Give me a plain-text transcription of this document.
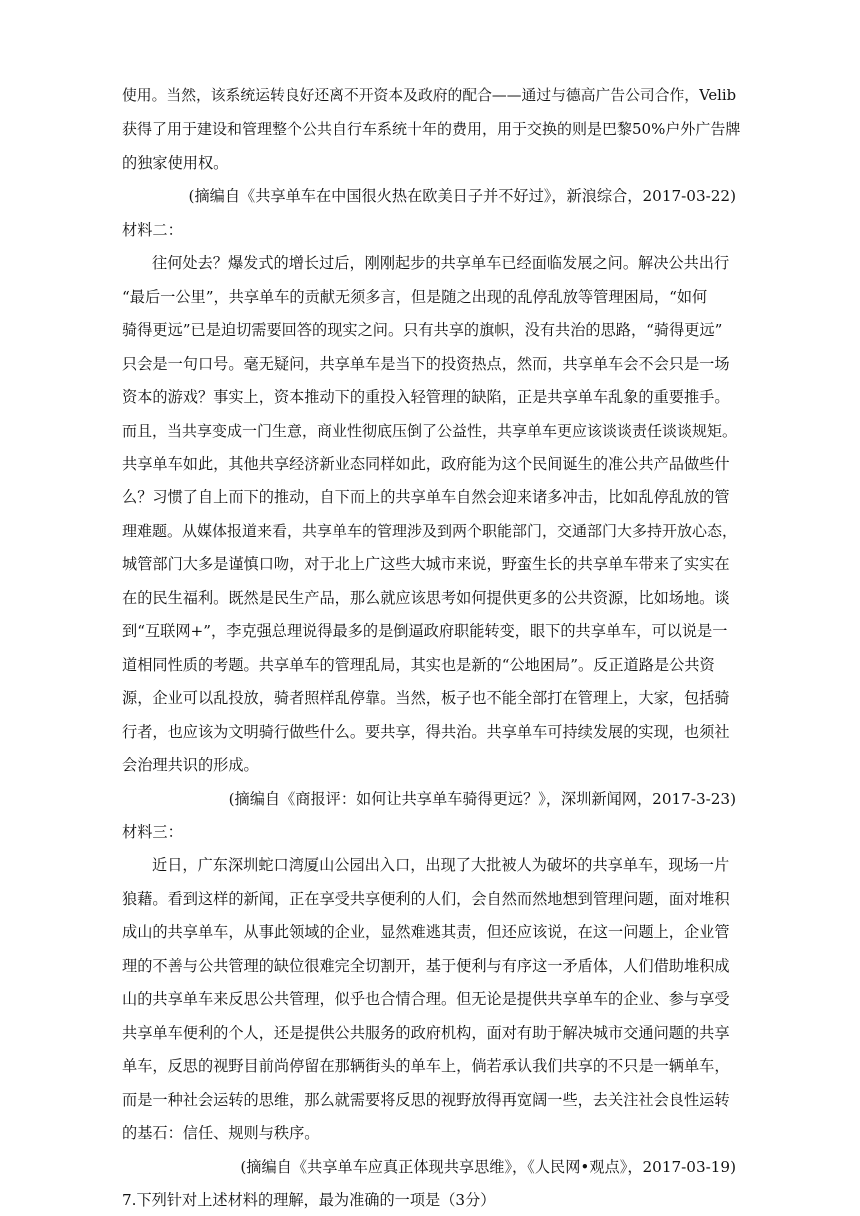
使用。当然，该系统运转良好还离不开资本及政府的配合——通过与德高广告公司合作，Velib
获得了用于建设和管理整个公共自行车系统十年的费用，用于交换的则是巴黎50%户外广告牌
的独家使用权。
(摘编自《共享单车在中国很火热在欧美日子并不好过》，新浪综合，2017-03-22)
材料二：
往何处去？爆发式的增长过后，刚刚起步的共享单车已经面临发展之问。解决公共出行
“最后一公里”，共享单车的贡献无须多言，但是随之出现的乱停乱放等管理困局，“如何
骑得更远”已是迫切需要回答的现实之问。只有共享的旗帜，没有共治的思路，“骑得更远”
只会是一句口号。毫无疑问，共享单车是当下的投资热点，然而，共享单车会不会只是一场
资本的游戏？事实上，资本推动下的重投入轻管理的缺陷，正是共享单车乱象的重要推手。
而且，当共享变成一门生意，商业性彻底压倒了公益性，共享单车更应该谈谈责任谈谈规矩。
共享单车如此，其他共享经济新业态同样如此，政府能为这个民间诞生的准公共产品做些什
么？习惯了自上而下的推动，自下而上的共享单车自然会迎来诸多冲击，比如乱停乱放的管
理难题。从媒体报道来看，共享单车的管理涉及到两个职能部门，交通部门大多持开放心态，
城管部门大多是谨慎口吻，对于北上广这些大城市来说，野蛮生长的共享单车带来了实实在
在的民生福利。既然是民生产品，那么就应该思考如何提供更多的公共资源，比如场地。谈
到“互联网+”，李克强总理说得最多的是倒逼政府职能转变，眼下的共享单车，可以说是一
道相同性质的考题。共享单车的管理乱局，其实也是新的“公地困局”。反正道路是公共资
源，企业可以乱投放，骑者照样乱停靠。当然，板子也不能全部打在管理上，大家，包括骑
行者，也应该为文明骑行做些什么。要共享，得共治。共享单车可持续发展的实现，也须社
会治理共识的形成。
(摘编自《商报评：如何让共享单车骑得更远？》，深圳新闻网，2017-3-23)
材料三：
近日，广东深圳蛇口湾厦山公园出入口，出现了大批被人为破坏的共享单车，现场一片
狼藉。看到这样的新闻，正在享受共享便利的人们，会自然而然地想到管理问题，面对堆积
成山的共享单车，从事此领域的企业，显然难逃其责，但还应该说，在这一问题上，企业管
理的不善与公共管理的缺位很难完全切割开，基于便利与有序这一矛盾体，人们借助堆积成
山的共享单车来反思公共管理，似乎也合情合理。但无论是提供共享单车的企业、参与享受
共享单车便利的个人，还是提供公共服务的政府机构，面对有助于解决城市交通问题的共享
单车，反思的视野目前尚停留在那辆街头的单车上，倘若承认我们共享的不只是一辆单车，
而是一种社会运转的思维，那么就需要将反思的视野放得再宽阔一些，去关注社会良性运转
的基石：信任、规则与秩序。
(摘编自《共享单车应真正体现共享思维》，《人民网•观点》，2017-03-19)
7.下列针对上述材料的理解，最为准确的一项是（3分）
